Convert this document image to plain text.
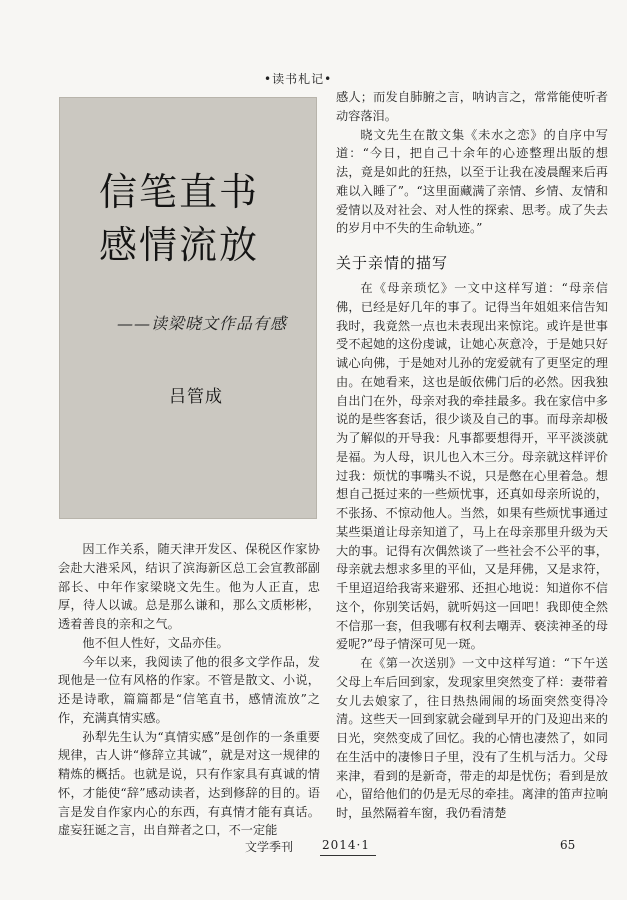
•读书札记•
信笔直书
感情流放
——读梁晓文作品有感
吕管成

因工作关系，随天津开发区、保税区作家协会赴大港采风，结识了滨海新区总工会宣教部副部长、中年作家梁晓文先生。他为人正直，忠厚，待人以诚。总是那么谦和，那么文质彬彬，透着善良的亲和之气。

他不但人性好，文品亦佳。

今年以来，我阅读了他的很多文学作品，发现他是一位有风格的作家。不管是散文、小说，还是诗歌，篇篇都是“信笔直书，感情流放”之作，充满真情实感。

孙犁先生认为“真情实感”是创作的一条重要规律，古人讲“修辞立其诚”，就是对这一规律的精炼的概括。也就是说，只有作家具有真诚的情怀，才能使“辞”感动读者，达到修辞的目的。语言是发自作家内心的东西，有真情才能有真话。虚妄狂诞之言，出自辩者之口，不一定能

感人；而发自肺腑之言，呐讷言之，常常能使听者动容落泪。

晓文先生在散文集《未水之恋》的自序中写道：“今日，把自己十余年的心迹整理出版的想法，竟是如此的狂热，以至于让我在凌晨醒来后再难以入睡了”。“这里面藏满了亲情、乡情、友情和爱情以及对社会、对人性的探索、思考。成了失去的岁月中不失的生命轨迹。”

关于亲情的描写

在《母亲琐忆》一文中这样写道：“母亲信佛，已经是好几年的事了。记得当年姐姐来信告知我时，我竟然一点也未表现出来惊诧。或许是世事受不起她的这份虔诚，让她心灰意冷，于是她只好诚心向佛，于是她对儿孙的宠爱就有了更坚定的理由。在她看来，这也是皈依佛门后的必然。因我独自出门在外，母亲对我的牵挂最多。我在家信中多说的是些客套话，很少谈及自己的事。而母亲却极为了解似的开导我：凡事都要想得开，平平淡淡就是福。为人母，识儿也入木三分。母亲就这样评价过我：烦忧的事嘴头不说，只是憋在心里着急。想想自己挺过来的一些烦忧事，还真如母亲所说的，不张扬、不惊动他人。当然，如果有些烦忧事通过某些渠道让母亲知道了，马上在母亲那里升级为天大的事。记得有次偶然谈了一些社会不公平的事，母亲就去想求多里的平仙，又是拜佛，又是求符，千里迢迢给我寄来避邪、还担心地说：知道你不信这个，你别笑话妈，就听妈这一回吧！我即使全然不信那一套，但我哪有权利去嘲弄、亵渎神圣的母爱呢?”母子情深可见一斑。

在《第一次送别》一文中这样写道：“下午送父母上车后回到家，发现家里突然变了样：妻带着女儿去娘家了，往日热热闹闹的场面突然变得冷清。这些天一回到家就会碰到早开的门及迎出来的日光，突然变成了回忆。我的心情也凄然了，如同在生活中的凄惨日子里，没有了生机与活力。父母来津，看到的是新奇，带走的却是忧伤；看到是放心，留给他们的仍是无尽的牵挂。离津的笛声拉响时，虽然隔着车窗，我仍看清楚

文学季刊 2014·1	65
